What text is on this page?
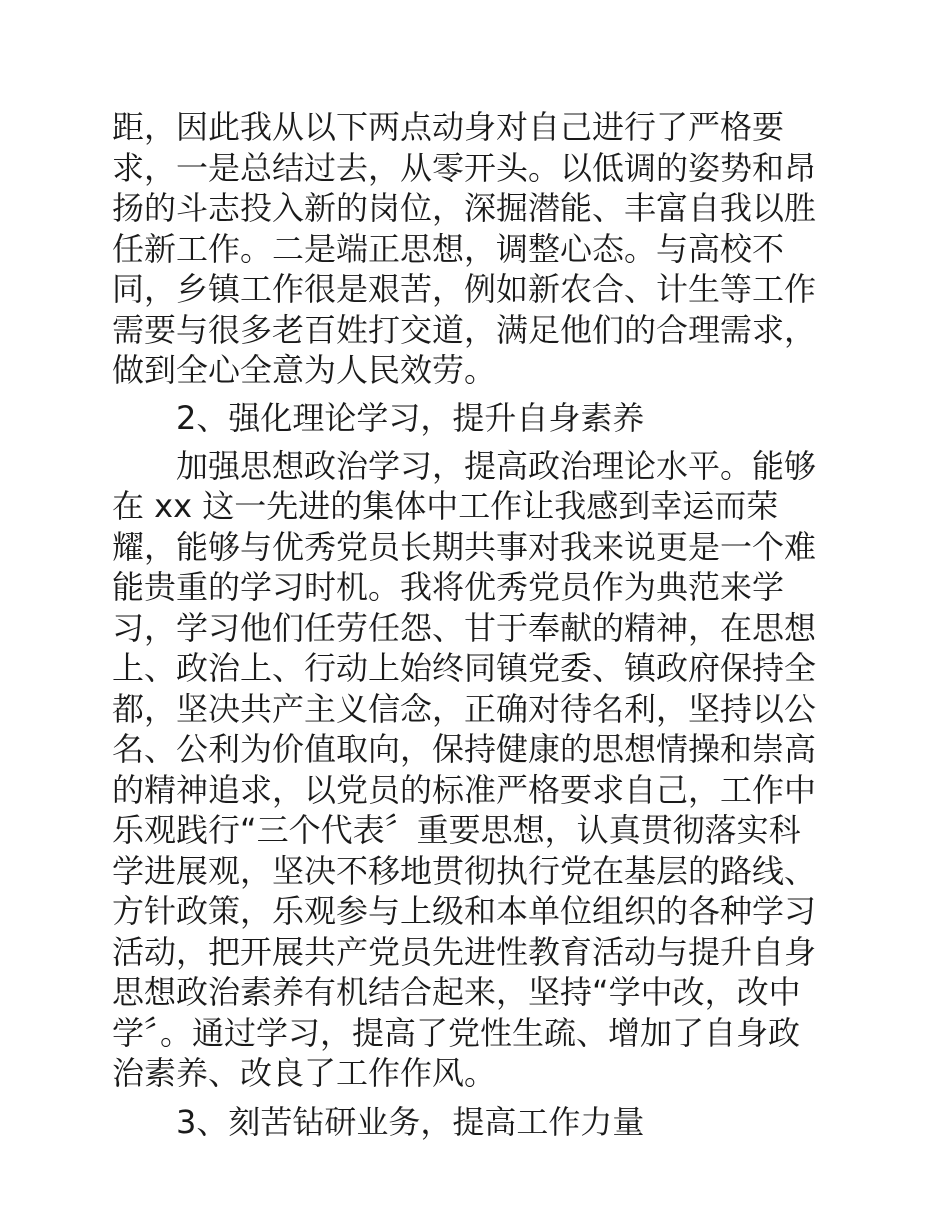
距，因此我从以下两点动身对自己进行了严格要
求，一是总结过去，从零开头。以低调的姿势和昂
扬的斗志投入新的岗位，深掘潜能、丰富自我以胜
任新工作。二是端正思想，调整心态。与高校不
同，乡镇工作很是艰苦，例如新农合、计生等工作
需要与很多老百姓打交道，满足他们的合理需求，
做到全心全意为人民效劳。
2、强化理论学习，提升自身素养
加强思想政治学习，提高政治理论水平。能够
在 xx 这一先进的集体中工作让我感到幸运而荣
耀，能够与优秀党员长期共事对我来说更是一个难
能贵重的学习时机。我将优秀党员作为典范来学
习，学习他们任劳任怨、甘于奉献的精神，在思想
上、政治上、行动上始终同镇党委、镇政府保持全
都，坚决共产主义信念，正确对待名利，坚持以公
名、公利为价值取向，保持健康的思想情操和崇高
的精神追求，以党员的标准严格要求自己，工作中
乐观践行“三个代表〞重要思想，认真贯彻落实科
学进展观，坚决不移地贯彻执行党在基层的路线、
方针政策，乐观参与上级和本单位组织的各种学习
活动，把开展共产党员先进性教育活动与提升自身
思想政治素养有机结合起来，坚持“学中改，改中
学〞。通过学习，提高了党性生疏、增加了自身政
治素养、改良了工作作风。
3、刻苦钻研业务，提高工作力量
